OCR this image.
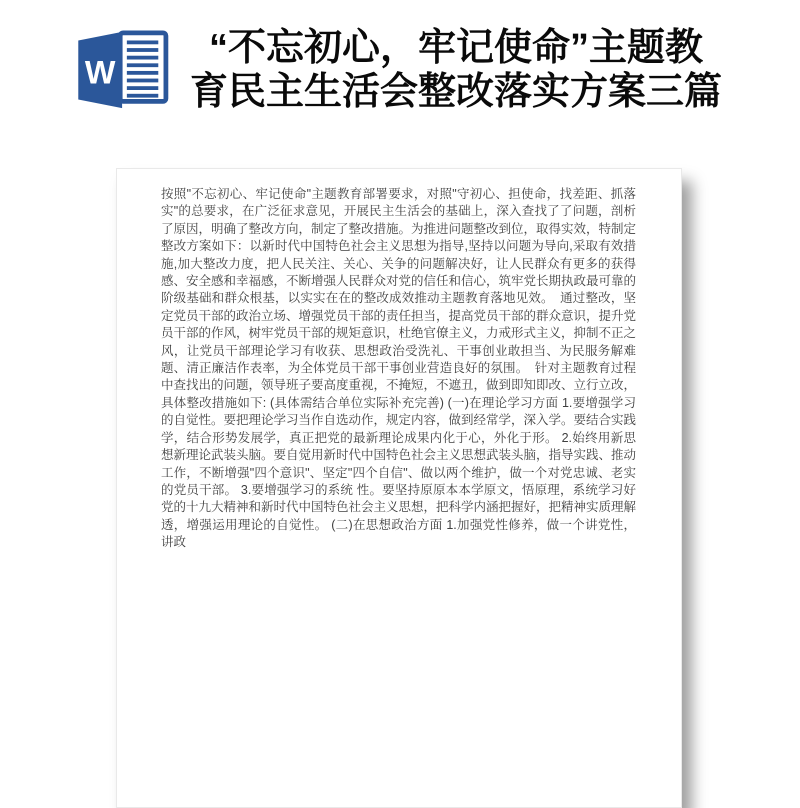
W
“不忘初心，牢记使命”主题教
育民主生活会整改落实方案三篇
按照"不忘初心、牢记使命"主题教育部署要求，对照"守初心、担使命，找差距、抓落实"的总要求，在广泛征求意见，开展民主生活会的基础上，深入查找了了问题，剖析了原因，明确了整改方向，制定了整改措施。为推进问题整改到位，取得实效，特制定整改方案如下：以新时代中国特色社会主义思想为指导,坚持以问题为导向,采取有效措施,加大整改力度，把人民关注、关心、关争的问题解决好，让人民群众有更多的获得感、安全感和幸福感，不断增强人民群众对党的信任和信心，筑牢党长期执政最可靠的阶级基础和群众根基，以实实在在的整改成效推动主题教育落地见效。　通过整改，坚定党员干部的政治立场、增强党员干部的责任担当，提高党员干部的群众意识，提升党员干部的作风，树牢党员干部的规矩意识，杜绝官僚主义，力戒形式主义，抑制不正之风，让党员干部理论学习有收获、思想政治受洗礼、干事创业敢担当、为民服务解难题、清正廉洁作表率，为全体党员干部干事创业营造良好的氛围。　针对主题教育过程 中查找出的问题，领导班子要高度重视，不掩短，不遮丑，做到即知即改、立行立改，具体整改措施如下: (具体需结合单位实际补充完善) (一)在理论学习方面 1.要增强学习的自觉性。要把理论学习当作自选动作，规定内容，做到经常学，深入学。要结合实践学，结合形势发展学，真正把党的最新理论成果内化于心，外化于形。 2.始终用新思想新理论武装头脑。要自觉用新时代中国特色社会主义思想武装头脑，指导实践、推动工作，不断增强"四个意识"、坚定"四个自信"、做以两个维护，做一个对党忠诚、老实的党员干部。 3.要增强学习的系统 性。要坚持原原本本学原文，悟原理，系统学习好党的十九大精神和新时代中国特色社会主义思想，把科学内涵把握好，把精神实质理解透，增强运用理论的自觉性。 (二)在思想政治方面 1.加强党性修养，做一个讲党性，讲政
